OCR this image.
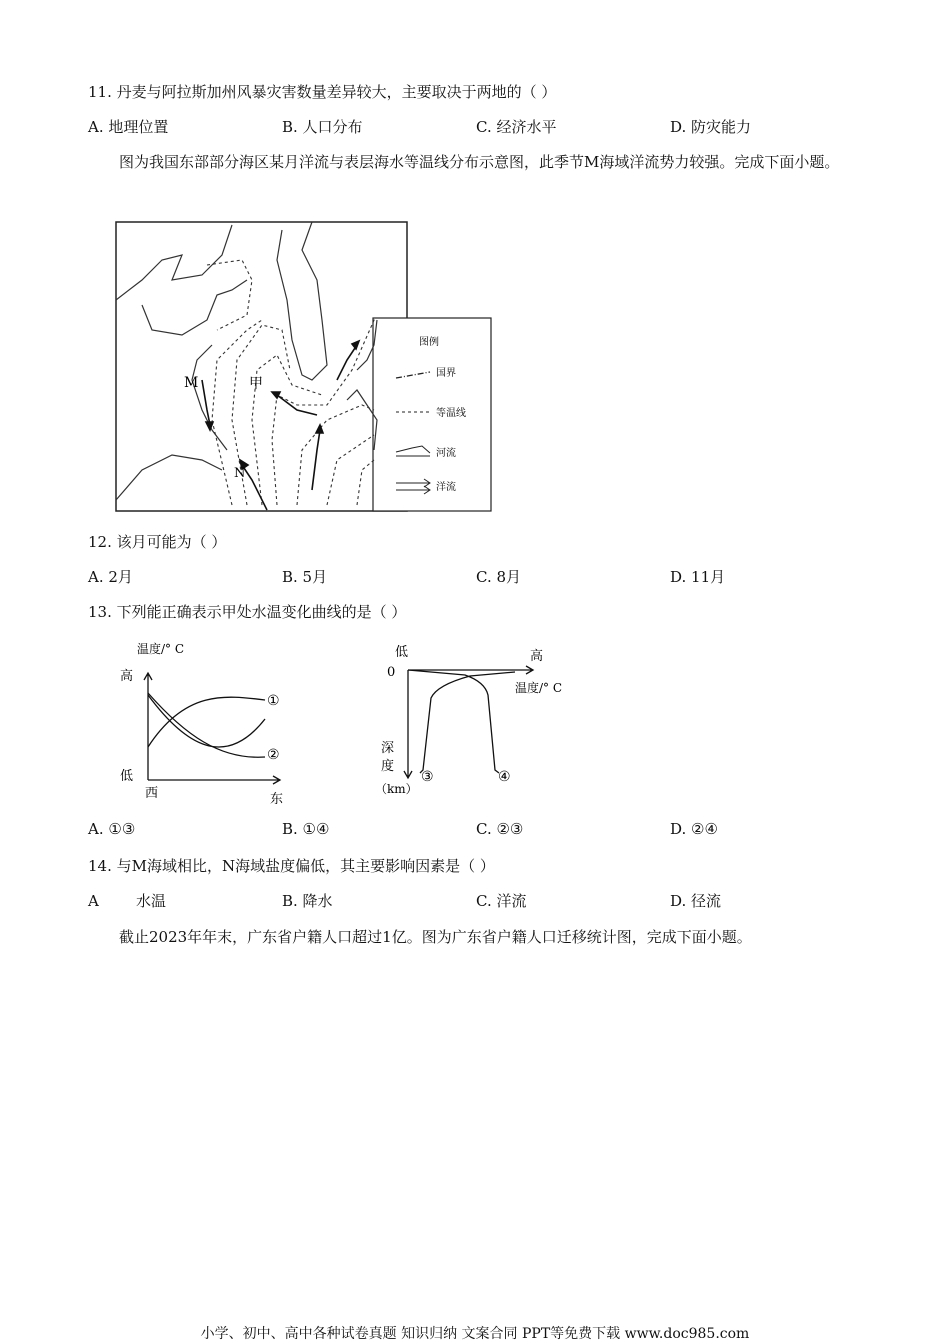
11. 丹麦与阿拉斯加州风暴灾害数量差异较大，主要取决于两地的（ ）
A. 地理位置	B. 人口分布	C. 经济水平	D. 防灾能力
图为我国东部部分海区某月洋流与表层海水等温线分布示意图，此季节M海域洋流势力较强。完成下面小题。
M	甲
N
图例
国界
等温线
河流
洋流
12. 该月可能为（ ）
A. 2月	B. 5月	C. 8月	D. 11月
13. 下列能正确表示甲处水温变化曲线的是（ ）
温度/° C
高
低
西	东
①
②
低
0
高
温度/° C
深
度
（km）
③	④
A. ①③	B. ①④	C. ②③	D. ②④
14. 与M海域相比，N海域盐度偏低，其主要影响因素是（ ）
A 水温	B. 降水	C. 洋流	D. 径流
截止2023年年末，广东省户籍人口超过1亿。图为广东省户籍人口迁移统计图，完成下面小题。
小学、初中、高中各种试卷真题 知识归纳 文案合同 PPT等免费下载 www.doc985.com
